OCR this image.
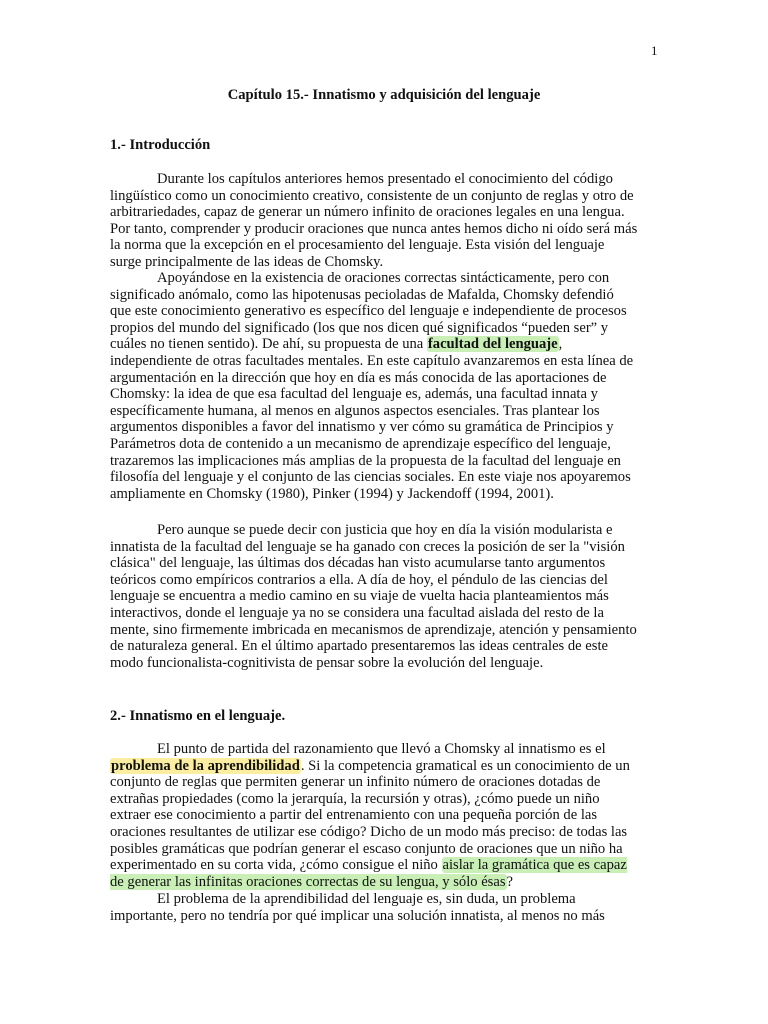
1
Capítulo 15.- Innatismo y adquisición del lenguaje
1.- Introducción

Durante los capítulos anteriores hemos presentado el conocimiento del código lingüístico como un conocimiento creativo, consistente de un conjunto de reglas y otro de arbitrariedades, capaz de generar un número infinito de oraciones legales en una lengua. Por tanto, comprender y producir oraciones que nunca antes hemos dicho ni oído será más la norma que la excepción en el procesamiento del lenguaje. Esta visión del lenguaje surge principalmente de las ideas de Chomsky.

Apoyándose en la existencia de oraciones correctas sintácticamente, pero con significado anómalo, como las hipotenusas pecioladas de Mafalda, Chomsky defendió que este conocimiento generativo es específico del lenguaje e independiente de procesos propios del mundo del significado (los que nos dicen qué significados “pueden ser” y cuáles no tienen sentido). De ahí, su propuesta de una facultad del lenguaje, independiente de otras facultades mentales. En este capítulo avanzaremos en esta línea de argumentación en la dirección que hoy en día es más conocida de las aportaciones de Chomsky: la idea de que esa facultad del lenguaje es, además, una facultad innata y específicamente humana, al menos en algunos aspectos esenciales. Tras plantear los argumentos disponibles a favor del innatismo y ver cómo su gramática de Principios y Parámetros dota de contenido a un mecanismo de aprendizaje específico del lenguaje, trazaremos las implicaciones más amplias de la propuesta de la facultad del lenguaje en filosofía del lenguaje y el conjunto de las ciencias sociales. En este viaje nos apoyaremos ampliamente en Chomsky (1980), Pinker (1994) y Jackendoff (1994, 2001).

Pero aunque se puede decir con justicia que hoy en día la visión modularista e innatista de la facultad del lenguaje se ha ganado con creces la posición de ser la "visión clásica" del lenguaje, las últimas dos décadas han visto acumularse tanto argumentos teóricos como empíricos contrarios a ella. A día de hoy, el péndulo de las ciencias del lenguaje se encuentra a medio camino en su viaje de vuelta hacia planteamientos más interactivos, donde el lenguaje ya no se considera una facultad aislada del resto de la mente, sino firmemente imbricada en mecanismos de aprendizaje, atención y pensamiento de naturaleza general. En el último apartado presentaremos las ideas centrales de este modo funcionalista-cognitivista de pensar sobre la evolución del lenguaje.

2.- Innatismo en el lenguaje.

El punto de partida del razonamiento que llevó a Chomsky al innatismo es el problema de la aprendibilidad. Si la competencia gramatical es un conocimiento de un conjunto de reglas que permiten generar un infinito número de oraciones dotadas de extrañas propiedades (como la jerarquía, la recursión y otras), ¿cómo puede un niño extraer ese conocimiento a partir del entrenamiento con una pequeña porción de las oraciones resultantes de utilizar ese código? Dicho de un modo más preciso: de todas las posibles gramáticas que podrían generar el escaso conjunto de oraciones que un niño ha experimentado en su corta vida, ¿cómo consigue el niño aislar la gramática que es capaz de generar las infinitas oraciones correctas de su lengua, y sólo ésas?

El problema de la aprendibilidad del lenguaje es, sin duda, un problema importante, pero no tendría por qué implicar una solución innatista, al menos no más
